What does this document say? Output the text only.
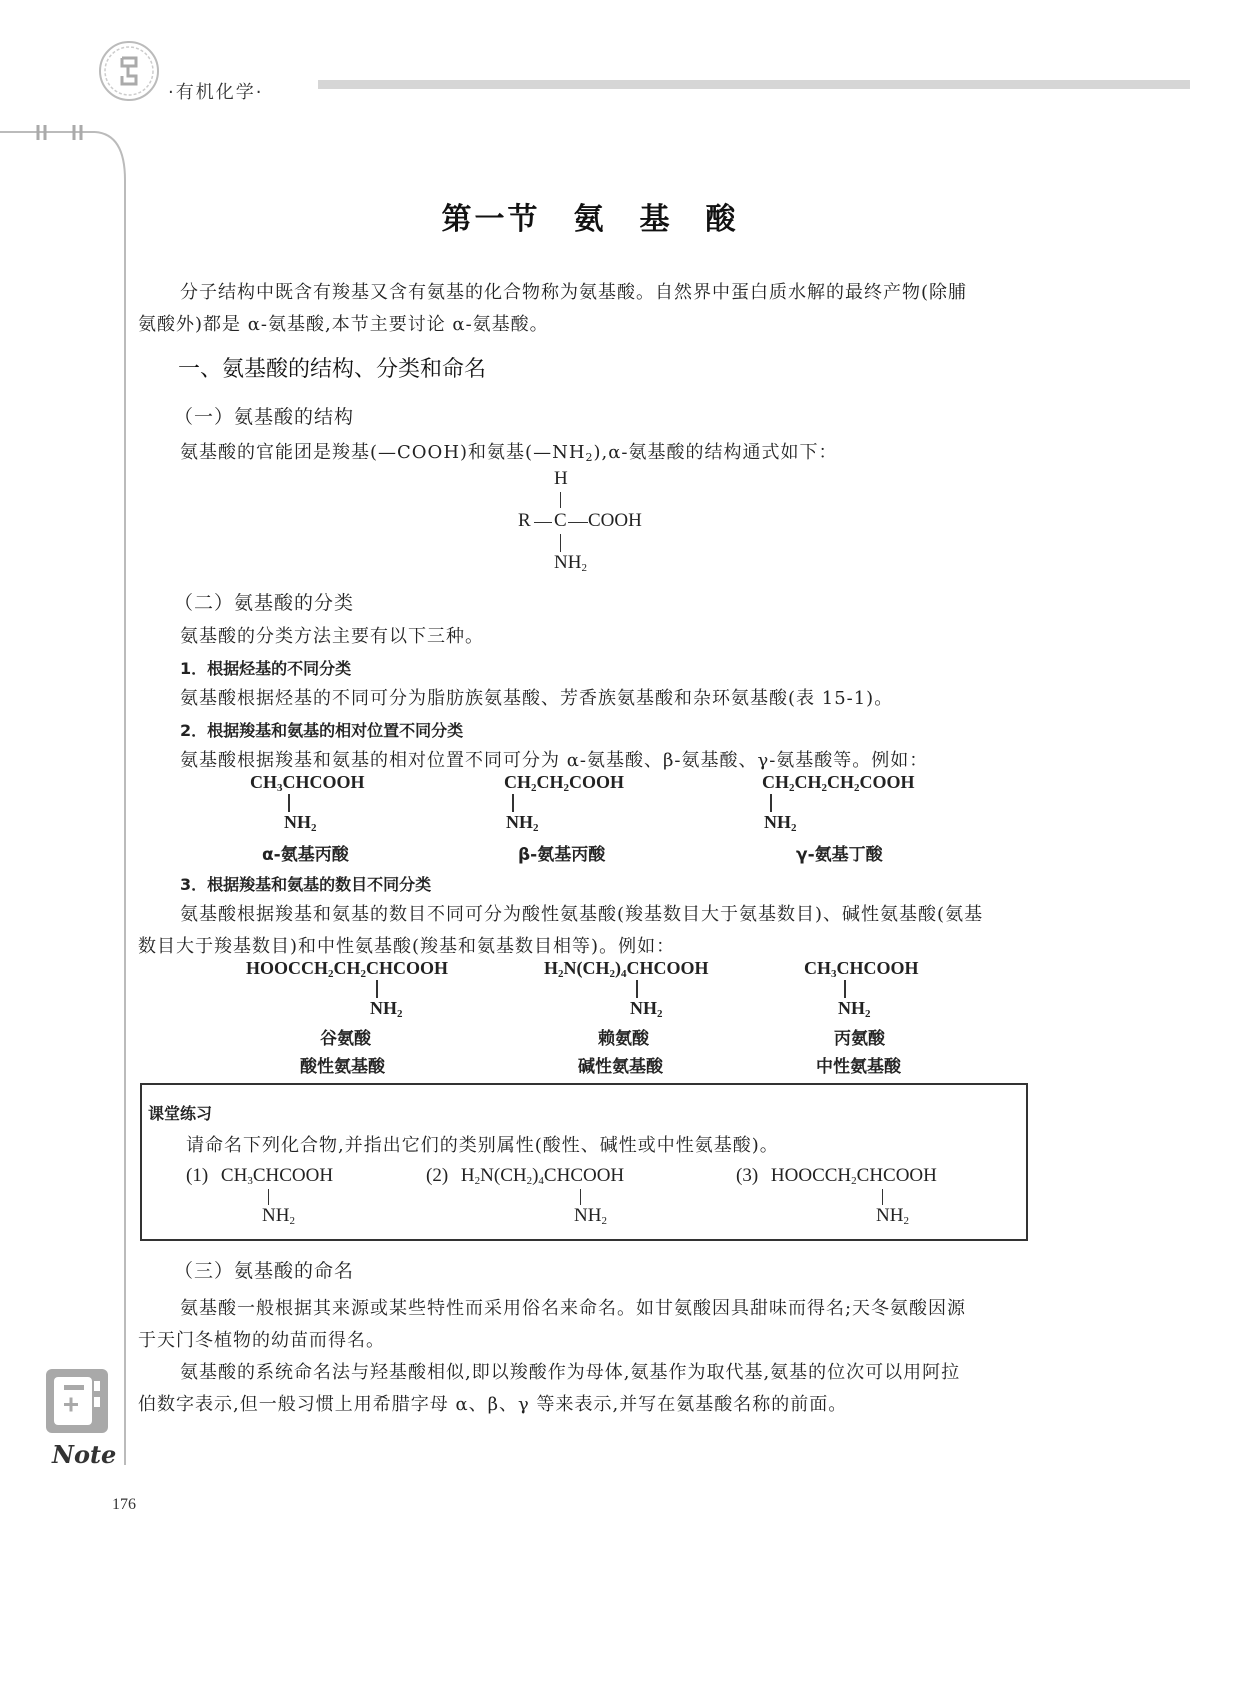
·有机化学·
第一节　氨　基　酸
分子结构中既含有羧基又含有氨基的化合物称为氨基酸。自然界中蛋白质水解的最终产物(除脯
氨酸外)都是 α-氨基酸,本节主要讨论 α-氨基酸。
一、氨基酸的结构、分类和命名
（一）氨基酸的结构
氨基酸的官能团是羧基(—COOH)和氨基$(—NH_2),\alpha-$氨基酸的结构通式如下：
H
R C COOH
$NH_2$
（二）氨基酸的分类
氨基酸的分类方法主要有以下三种。
1．根据烃基的不同分类
氨基酸根据烃基的不同可分为脂肪族氨基酸、芳香族氨基酸和杂环氨基酸(表 15-1)。
2．根据羧基和氨基的相对位置不同分类
氨基酸根据羧基和氨基的相对位置不同可分为 α-氨基酸、β-氨基酸、γ-氨基酸等。例如：
$CH_3CHCOOH$
$NH_2$
α-氨基丙酸
$CH_2CH_2COOH$
$NH_2$
β-氨基丙酸
$CH_2CH_2CH_2COOH$
$NH_2$
γ-氨基丁酸
3．根据羧基和氨基的数目不同分类
氨基酸根据羧基和氨基的数目不同可分为酸性氨基酸(羧基数目大于氨基数目)、碱性氨基酸(氨基
数目大于羧基数目)和中性氨基酸(羧基和氨基数目相等)。例如：
$HOOCCH_2CH_2CHCOOH$
$NH_2$
谷氨酸
酸性氨基酸
$H_2N(CH_2)_4CHCOOH$
$NH_2$
赖氨酸
碱性氨基酸
$CH_3CHCOOH$
$NH_2$
丙氨酸
中性氨基酸
课堂练习
请命名下列化合物,并指出它们的类别属性(酸性、碱性或中性氨基酸)。
(1) $CH_3CHCOOH$
$NH_2$
(2) $H_2N(CH_2)_4CHCOOH$
$NH_2$
(3) $HOOCCH_2CHCOOH$
$NH_2$
（三）氨基酸的命名
氨基酸一般根据其来源或某些特性而采用俗名来命名。如甘氨酸因具甜味而得名;天冬氨酸因源
于天门冬植物的幼苗而得名。
氨基酸的系统命名法与羟基酸相似,即以羧酸作为母体,氨基作为取代基,氨基的位次可以用阿拉
伯数字表示,但一般习惯上用希腊字母 α、β、γ 等来表示,并写在氨基酸名称的前面。
Note
176
